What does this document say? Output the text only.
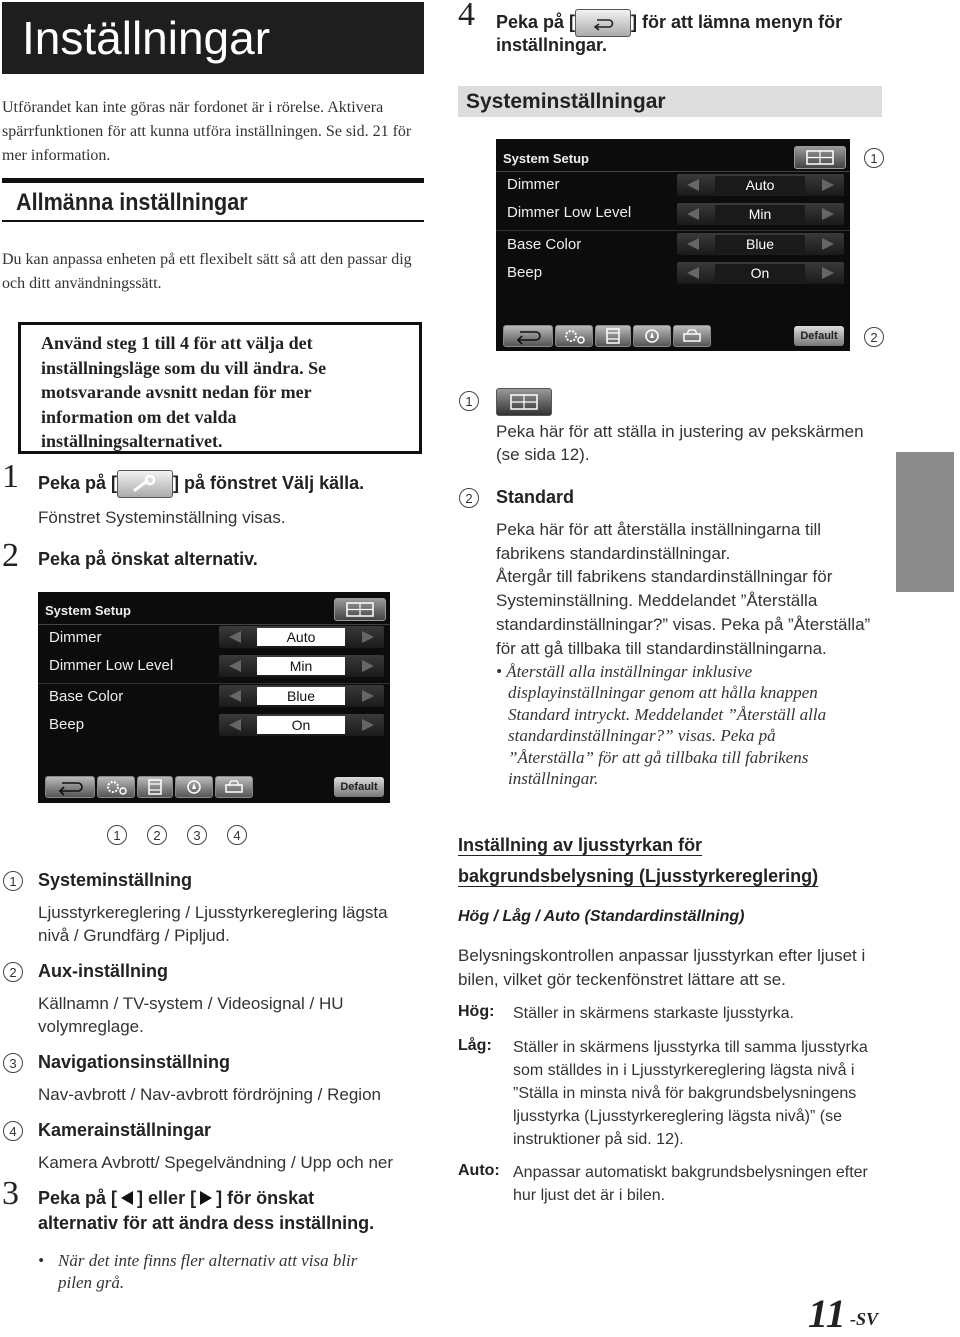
Inställningar
Utförandet kan inte göras när fordonet är i rörelse. Aktivera spärrfunktionen för att kunna utföra inställningen. Se sid. 21 för mer information.
Allmänna inställningar
Du kan anpassa enheten på ett flexibelt sätt så att den passar dig och ditt användningssätt.
Använd steg 1 till 4 för att välja det inställningsläge som du vill ändra. Se motsvarande avsnitt nedan för mer information om det valda inställningsalternativet.
1 Peka på [	] på fönstret Välj källa.
Fönstret Systeminställning visas.
2 Peka på önskat alternativ.
System Setup
Dimmer	Auto
Dimmer Low Level	Min
Base Color	Blue
Beep	On
Default
1	2	3	4
1	Systeminställning
Ljusstyrkereglering / Ljusstyrkereglering lägsta nivå / Grundfärg / Pipljud.
2	Aux-inställning
Källnamn / TV-system / Videosignal / HU volymreglage.
3	Navigationsinställning
Nav-avbrott / Nav-avbrott fördröjning / Region
4	Kamerainställningar
Kamera Avbrott/ Spegelvändning / Upp och ner
3 Peka på [ ] eller [ ] för önskat
alternativ för att ändra dess inställning.
• När det inte finns fler alternativ att visa blir pilen grå.
4 Peka på [	] för att lämna menyn för
inställningar.
Systeminställningar
System Setup
Dimmer	Auto
Dimmer Low Level	Min
Base Color	Blue
Beep	On
Default
1
2
1
Peka här för att ställa in justering av pekskärmen (se sida 12).
2	Standard
Peka här för att återställa inställningarna till fabrikens standardinställningar.
Återgår till fabrikens standardinställningar för Systeminställning. Meddelandet ”Återställa standardinställningar?” visas. Peka på ”Återställa” för att gå tillbaka till standardinställningarna.
• Återställ alla inställningar inklusive
displayinställningar genom att hålla knappen Standard intryckt. Meddelandet ”Återställ alla standardinställningar?” visas. Peka på ”Återställa” för att gå tillbaka till fabrikens inställningar.
Inställning av ljusstyrkan för
bakgrundsbelysning (Ljusstyrkereglering)
Hög / Låg / Auto (Standardinställning)
Belysningskontrollen anpassar ljusstyrkan efter ljuset i bilen, vilket gör teckenfönstret lättare att se.
Hög: Ställer in skärmens starkaste ljusstyrka.
Låg: Ställer in skärmens ljusstyrka till samma ljusstyrka som ställdes in i Ljusstyrkereglering lägsta nivå i ”Ställa in minsta nivå för bakgrundsbelysningens ljusstyrka (Ljusstyrkereglering lägsta nivå)” (se instruktioner på sid. 12).
Auto: Anpassar automatiskt bakgrundsbelysningen efter hur ljust det är i bilen.
11 -SV
